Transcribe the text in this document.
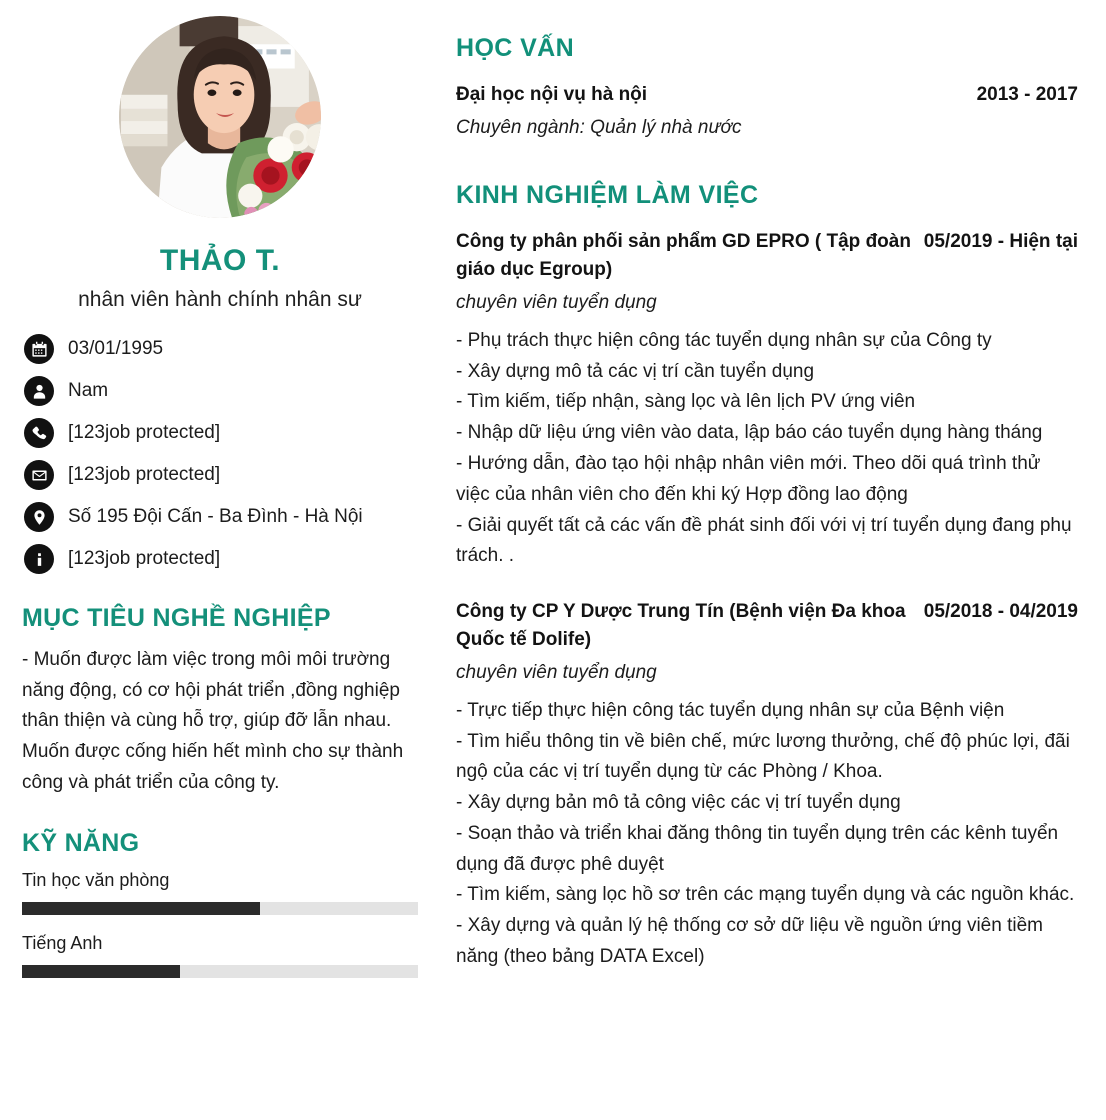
THẢO T.
nhân viên hành chính nhân sư
03/01/1995
Nam
[123job protected]
[123job protected]
Số 195 Đội Cấn - Ba Đình - Hà Nội
[123job protected]
MỤC TIÊU NGHỀ NGHIỆP
- Muốn được làm việc trong môi môi trường năng động, có cơ hội phát triển ,đồng nghiệp thân thiện và cùng hỗ trợ, giúp đỡ lẫn nhau. Muốn được cống hiến hết mình cho sự thành công và phát triển của công ty.
KỸ NĂNG
Tin học văn phòng
Tiếng Anh
HỌC VẤN
Đại học nội vụ hà nội	2013 - 2017
Chuyên ngành: Quản lý nhà nước
KINH NGHIỆM LÀM VIỆC
Công ty phân phối sản phẩm GD EPRO ( Tập đoàn giáo dục Egroup)
05/2019 - Hiện tại
chuyên viên tuyển dụng
- Phụ trách thực hiện công tác tuyển dụng nhân sự của Công ty
- Xây dựng mô tả các vị trí cần tuyển dụng
- Tìm kiếm, tiếp nhận, sàng lọc và lên lịch PV ứng viên
- Nhập dữ liệu ứng viên vào data, lập báo cáo tuyển dụng hàng tháng
- Hướng dẫn, đào tạo hội nhập nhân viên mới. Theo dõi quá trình thử việc của nhân viên cho đến khi ký Hợp đồng lao động
- Giải quyết tất cả các vấn đề phát sinh đối với vị trí tuyển dụng đang phụ trách. .
Công ty CP Y Dược Trung Tín (Bệnh viện Đa khoa Quốc tế Dolife)
05/2018 - 04/2019
chuyên viên tuyển dụng
- Trực tiếp thực hiện công tác tuyển dụng nhân sự của Bệnh viện
- Tìm hiểu thông tin về biên chế, mức lương thưởng, chế độ phúc lợi, đãi ngộ của các vị trí tuyển dụng từ các Phòng / Khoa.
- Xây dựng bản mô tả công việc các vị trí tuyển dụng
- Soạn thảo và triển khai đăng thông tin tuyển dụng trên các kênh tuyển dụng đã được phê duyệt
- Tìm kiếm, sàng lọc hồ sơ trên các mạng tuyển dụng và các nguồn khác.
- Xây dựng và quản lý hệ thống cơ sở dữ liệu về nguồn ứng viên tiềm năng (theo bảng DATA Excel)
